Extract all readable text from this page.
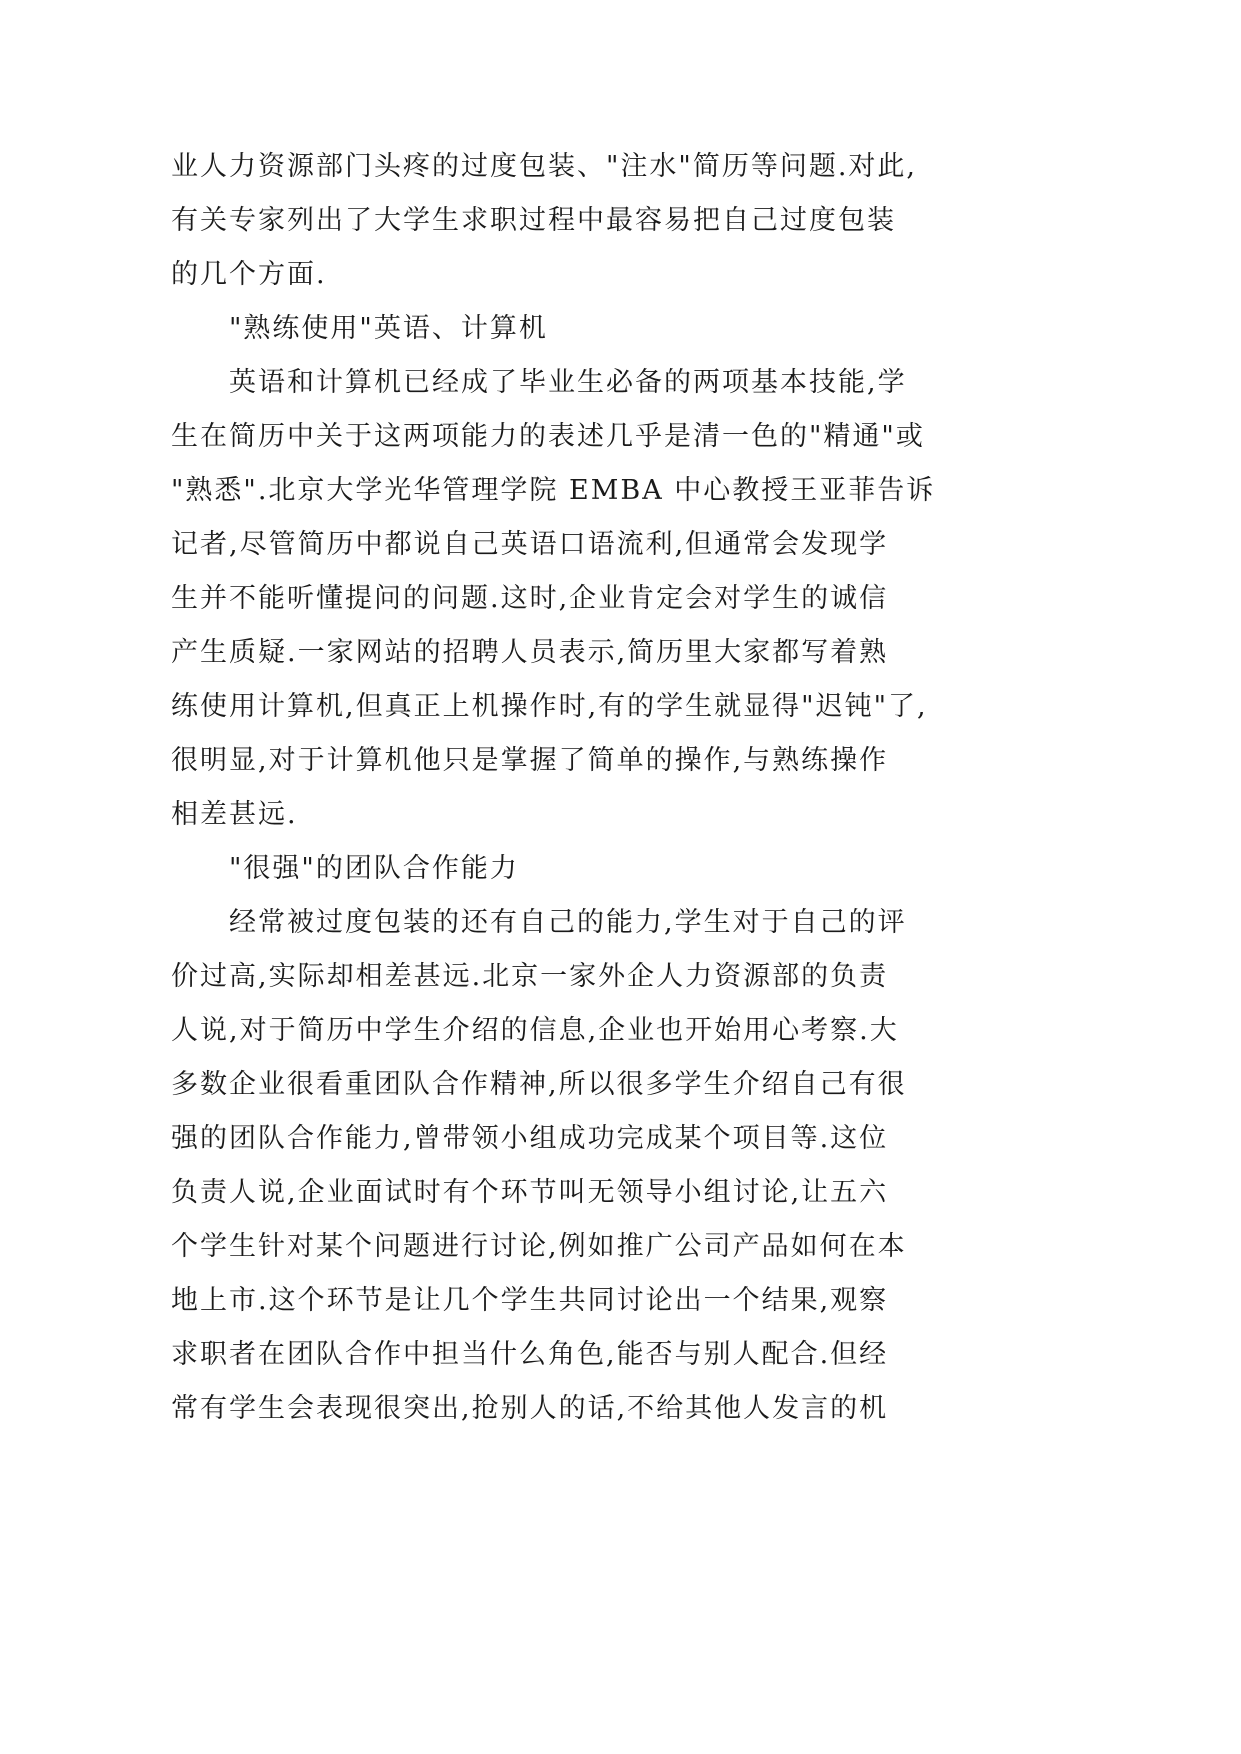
业人力资源部门头疼的过度包装、"注水"简历等问题.对此,
有关专家列出了大学生求职过程中最容易把自己过度包装
的几个方面.
"熟练使用"英语、计算机
英语和计算机已经成了毕业生必备的两项基本技能,学
生在简历中关于这两项能力的表述几乎是清一色的"精通"或
"熟悉".北京大学光华管理学院 EMBA 中心教授王亚菲告诉
记者,尽管简历中都说自己英语口语流利,但通常会发现学
生并不能听懂提问的问题.这时,企业肯定会对学生的诚信
产生质疑.一家网站的招聘人员表示,简历里大家都写着熟
练使用计算机,但真正上机操作时,有的学生就显得"迟钝"了,
很明显,对于计算机他只是掌握了简单的操作,与熟练操作
相差甚远.
"很强"的团队合作能力
经常被过度包装的还有自己的能力,学生对于自己的评
价过高,实际却相差甚远.北京一家外企人力资源部的负责
人说,对于简历中学生介绍的信息,企业也开始用心考察.大
多数企业很看重团队合作精神,所以很多学生介绍自己有很
强的团队合作能力,曾带领小组成功完成某个项目等.这位
负责人说,企业面试时有个环节叫无领导小组讨论,让五六
个学生针对某个问题进行讨论,例如推广公司产品如何在本
地上市.这个环节是让几个学生共同讨论出一个结果,观察
求职者在团队合作中担当什么角色,能否与别人配合.但经
常有学生会表现很突出,抢别人的话,不给其他人发言的机
